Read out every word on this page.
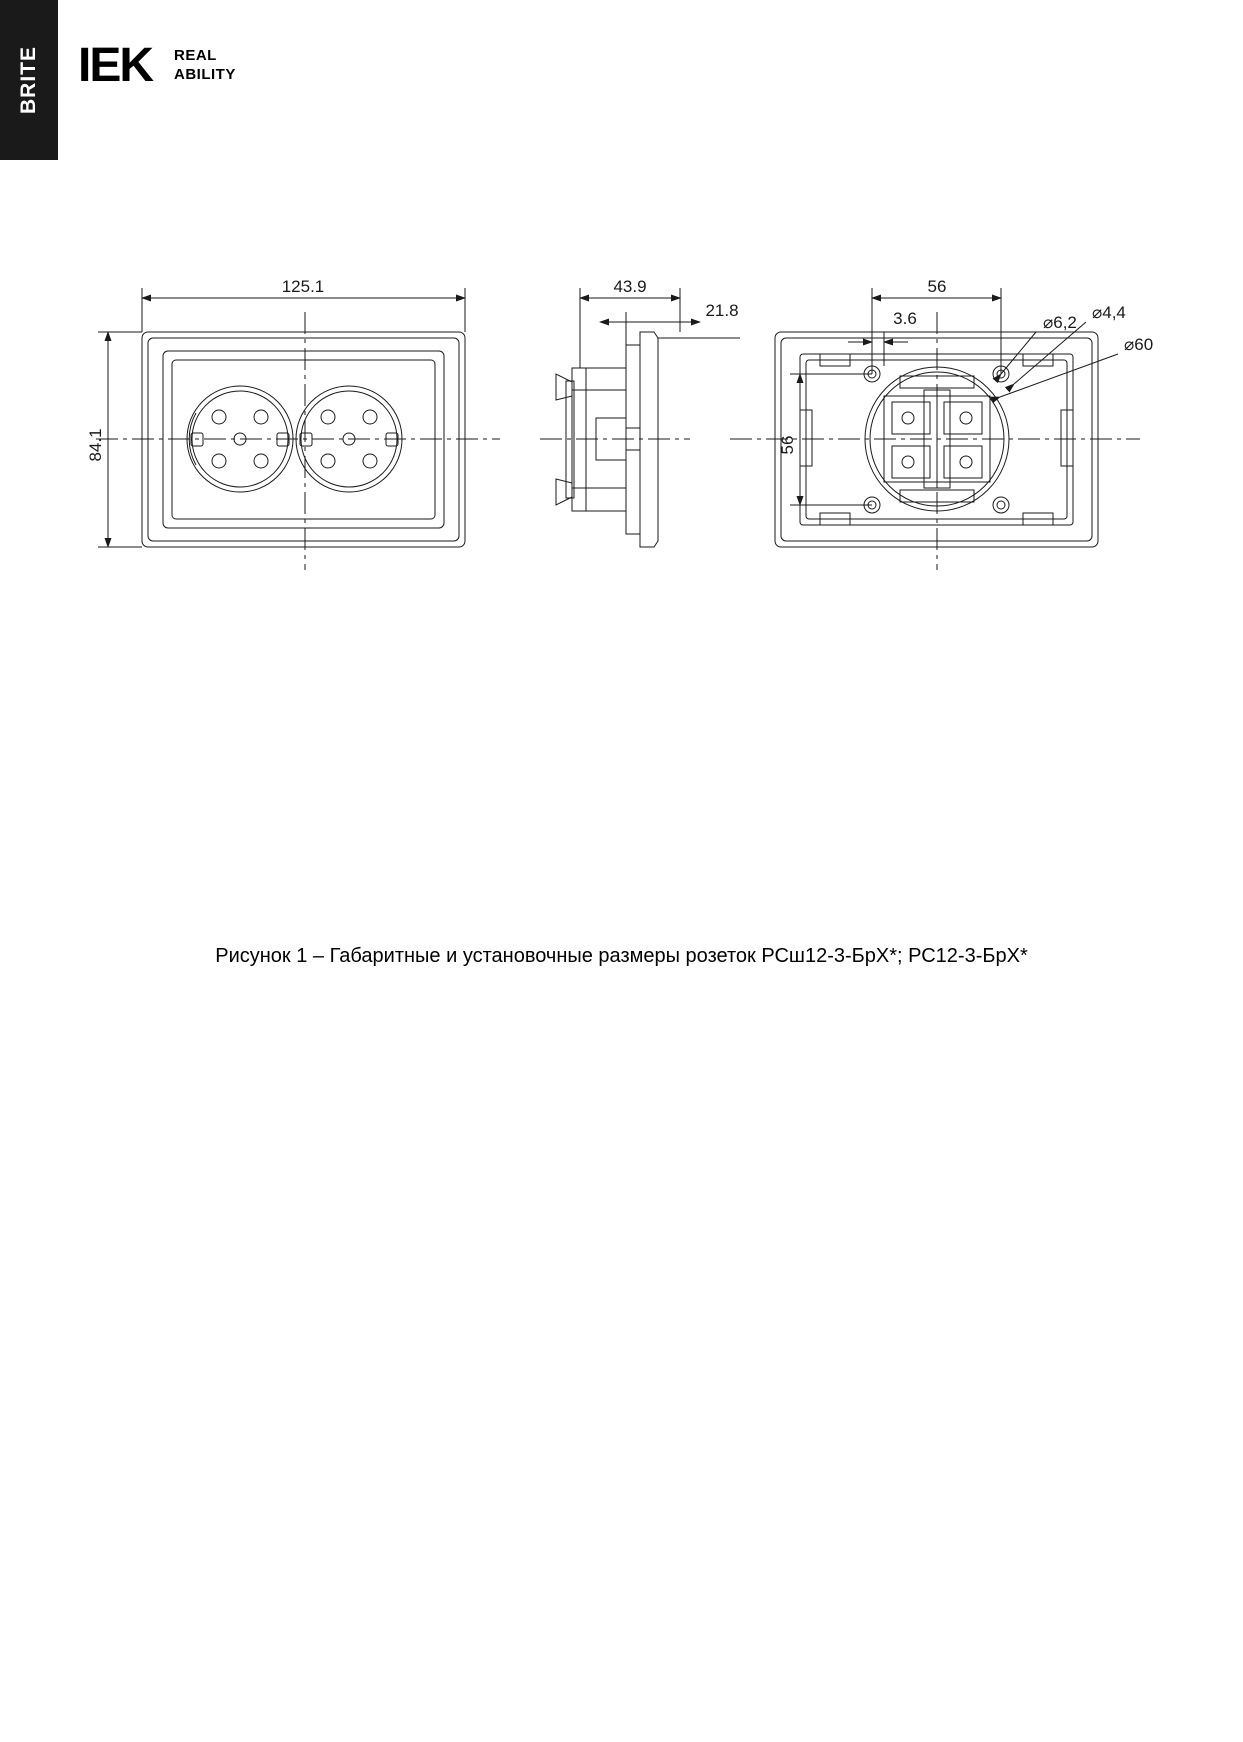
BRITE IEK REAL
ABILITY
125.1
84.1
43.9
21.8
56
56
3.6	⌀6,2
⌀4,4
⌀60
Рисунок 1 – Габаритные и установочные размеры розеток РСш12-3-БрХ*; РС12-3-БрХ*
